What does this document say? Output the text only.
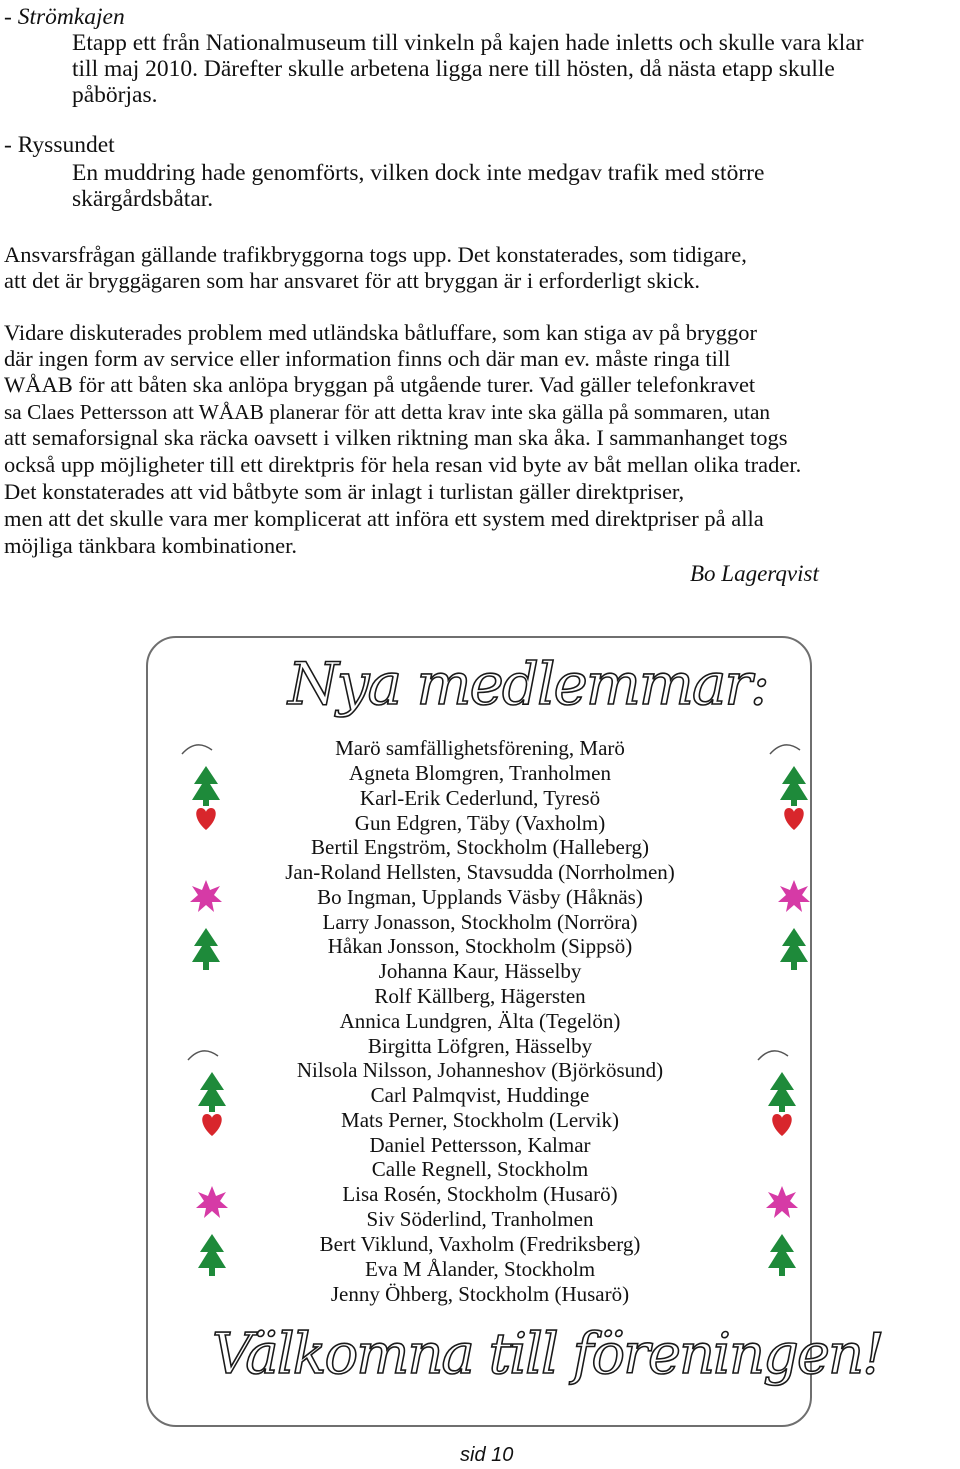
- Strömkajen
Etapp ett från Nationalmuseum till vinkeln på kajen hade inletts och skulle vara klar
till maj 2010. Därefter skulle arbetena ligga nere till hösten, då nästa etapp skulle
påbörjas.
- Ryssundet
En muddring hade genomförts, vilken dock inte medgav trafik med större
skärgårdsbåtar.
Ansvarsfrågan gällande trafikbryggorna togs upp. Det konstaterades, som tidigare,
att det är bryggägaren som har ansvaret för att bryggan är i erforderligt skick.
Vidare diskuterades problem med utländska båtluffare, som kan stiga av på bryggor
där ingen form av service eller information finns och där man ev. måste ringa till
WÅAB för att båten ska anlöpa bryggan på utgående turer. Vad gäller telefonkravet
sa Claes Pettersson att WÅAB planerar för att detta krav inte ska gälla på sommaren, utan
att semaforsignal ska räcka oavsett i vilken riktning man ska åka. I sammanhanget togs
också upp möjligheter till ett direktpris för hela resan vid byte av båt mellan olika trader.
Det konstaterades att vid båtbyte som är inlagt i turlistan gäller direktpriser,
men att det skulle vara mer komplicerat att införa ett system med direktpriser på alla
möjliga tänkbara kombinationer.
Bo Lagerqvist
Nya medlemmar:
Marö samfällighetsförening, Marö
Agneta Blomgren, Tranholmen
Karl-Erik Cederlund, Tyresö
Gun Edgren, Täby (Vaxholm)
Bertil Engström, Stockholm (Halleberg)
Jan-Roland Hellsten, Stavsudda (Norrholmen)
Bo Ingman, Upplands Väsby (Håknäs)
Larry Jonasson, Stockholm (Norröra)
Håkan Jonsson, Stockholm (Sippsö)
Johanna Kaur, Hässelby
Rolf Källberg, Hägersten
Annica Lundgren, Älta (Tegelön)
Birgitta Löfgren, Hässelby
Nilsola Nilsson, Johanneshov (Björkösund)
Carl Palmqvist, Huddinge
Mats Perner, Stockholm (Lervik)
Daniel Pettersson, Kalmar
Calle Regnell, Stockholm
Lisa Rosén, Stockholm (Husarö)
Siv Söderlind, Tranholmen
Bert Viklund, Vaxholm (Fredriksberg)
Eva M Ålander, Stockholm
Jenny Öhberg, Stockholm (Husarö)
Välkomna till föreningen!
sid 10
